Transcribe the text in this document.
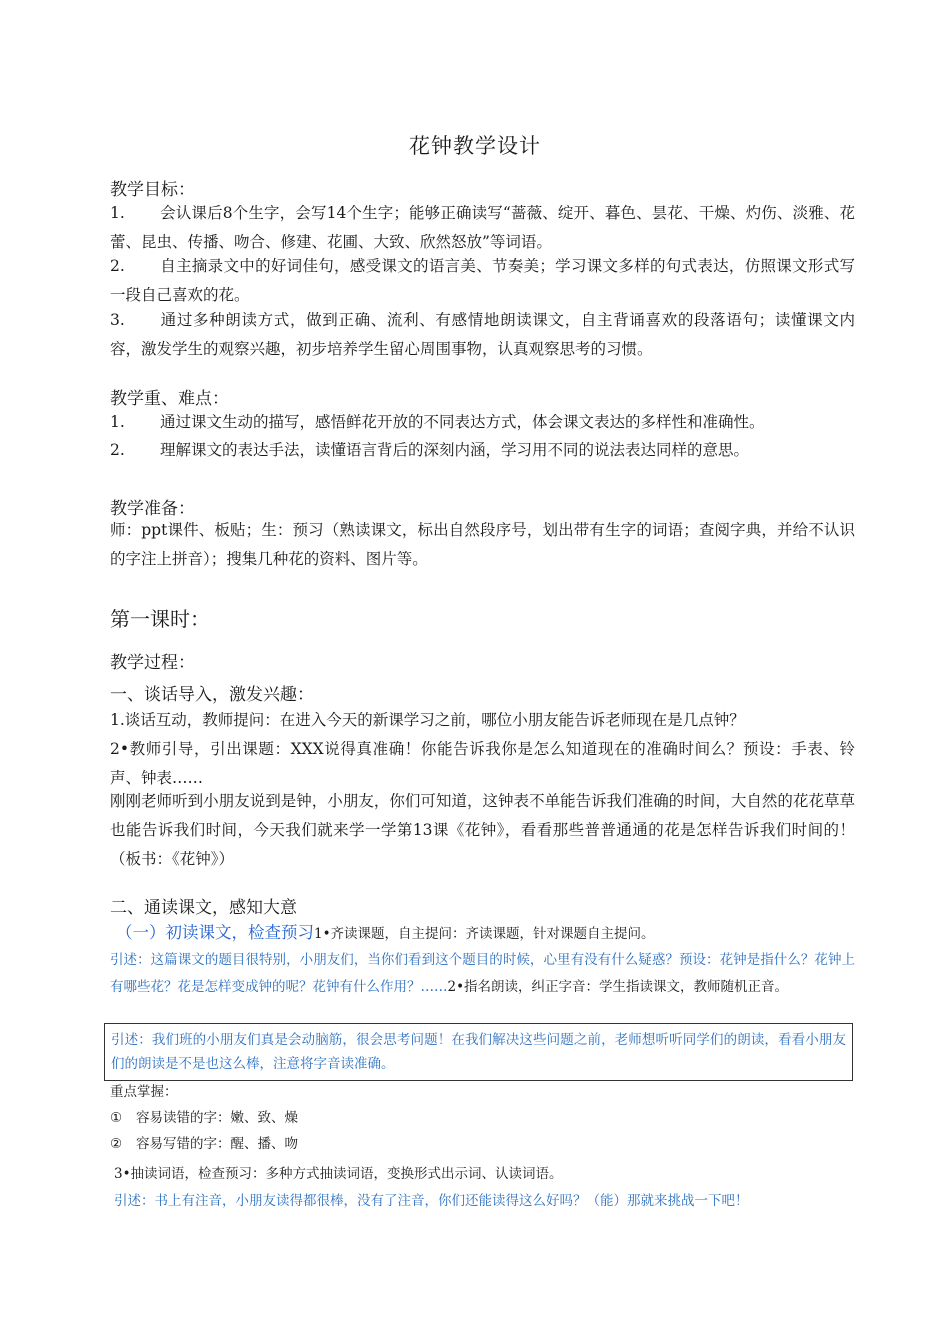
花钟教学设计
教学目标：
1. 会认课后8个生字，会写14个生字；能够正确读写“蔷薇、绽开、暮色、昙花、干燥、灼伤、淡雅、花蕾、昆虫、传播、吻合、修建、花圃、大致、欣然怒放”等词语。
2. 自主摘录文中的好词佳句，感受课文的语言美、节奏美；学习课文多样的句式表达，仿照课文形式写一段自己喜欢的花。
3. 通过多种朗读方式，做到正确、流利、有感情地朗读课文，自主背诵喜欢的段落语句；读懂课文内容，激发学生的观察兴趣，初步培养学生留心周围事物，认真观察思考的习惯。
教学重、难点：
1. 通过课文生动的描写，感悟鲜花开放的不同表达方式，体会课文表达的多样性和准确性。
2. 理解课文的表达手法，读懂语言背后的深刻内涵，学习用不同的说法表达同样的意思。
教学准备：
师：ppt课件、板贴；生：预习（熟读课文，标出自然段序号，划出带有生字的词语；查阅字典，并给不认识的字注上拼音）；搜集几种花的资料、图片等。
第一课时：
教学过程：
一、谈话导入，激发兴趣：
1.谈话互动，教师提问：在进入今天的新课学习之前，哪位小朋友能告诉老师现在是几点钟？
2•教师引导，引出课题：XXX说得真准确！你能告诉我你是怎么知道现在的准确时间么？预设：手表、铃声、钟表……
刚刚老师听到小朋友说到是钟，小朋友，你们可知道，这钟表不单能告诉我们准确的时间，大自然的花花草草也能告诉我们时间，今天我们就来学一学第13课《花钟》，看看那些普普通通的花是怎样告诉我们时间的！（板书：《花钟》）
二、通读课文，感知大意
（一）初读课文，检查预习1•齐读课题，自主提问：齐读课题，针对课题自主提问。
引述：这篇课文的题目很特别，小朋友们，当你们看到这个题目的时候，心里有没有什么疑惑？预设：花钟是指什么？花钟上有哪些花？花是怎样变成钟的呢？花钟有什么作用？……2•指名朗读，纠正字音：学生指读课文，教师随机正音。
引述：我们班的小朋友们真是会动脑筋，很会思考问题！在我们解决这些问题之前，老师想听听同学们的朗读，看看小朋友们的朗读是不是也这么棒，注意将字音读准确。
重点掌握：
① 容易读错的字：嫩、致、燥
② 容易写错的字：醒、播、吻
3•抽读词语，检查预习：多种方式抽读词语，变换形式出示词、认读词语。
引述：书上有注音，小朋友读得都很棒，没有了注音，你们还能读得这么好吗？（能）那就来挑战一下吧！
